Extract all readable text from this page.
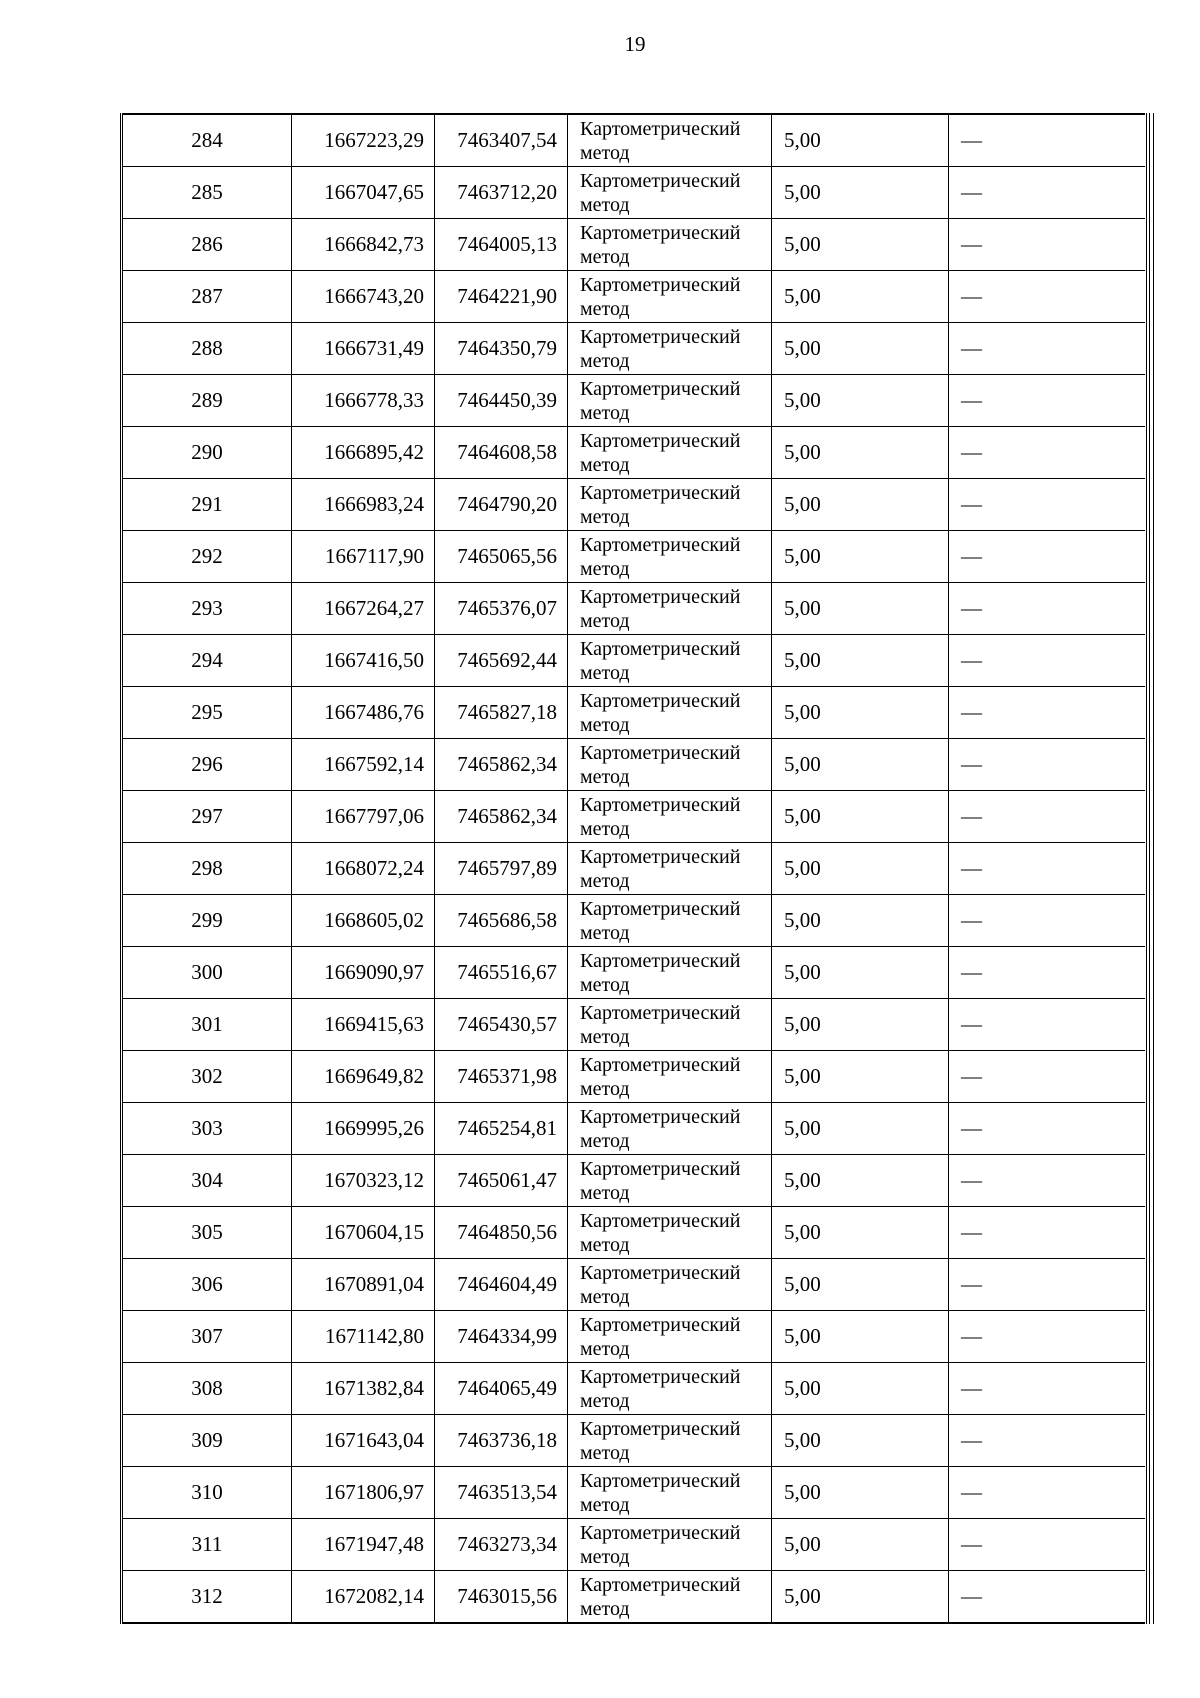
19
284	1667223,29	7463407,54	Картометрический
метод	5,00	—
285	1667047,65	7463712,20	Картометрический
метод	5,00	—
286	1666842,73	7464005,13	Картометрический
метод	5,00	—
287	1666743,20	7464221,90	Картометрический
метод	5,00	—
288	1666731,49	7464350,79	Картометрический
метод	5,00	—
289	1666778,33	7464450,39	Картометрический
метод	5,00	—
290	1666895,42	7464608,58	Картометрический
метод	5,00	—
291	1666983,24	7464790,20	Картометрический
метод	5,00	—
292	1667117,90	7465065,56	Картометрический
метод	5,00	—
293	1667264,27	7465376,07	Картометрический
метод	5,00	—
294	1667416,50	7465692,44	Картометрический
метод	5,00	—
295	1667486,76	7465827,18	Картометрический
метод	5,00	—
296	1667592,14	7465862,34	Картометрический
метод	5,00	—
297	1667797,06	7465862,34	Картометрический
метод	5,00	—
298	1668072,24	7465797,89	Картометрический
метод	5,00	—
299	1668605,02	7465686,58	Картометрический
метод	5,00	—
300	1669090,97	7465516,67	Картометрический
метод	5,00	—
301	1669415,63	7465430,57	Картометрический
метод	5,00	—
302	1669649,82	7465371,98	Картометрический
метод	5,00	—
303	1669995,26	7465254,81	Картометрический
метод	5,00	—
304	1670323,12	7465061,47	Картометрический
метод	5,00	—
305	1670604,15	7464850,56	Картометрический
метод	5,00	—
306	1670891,04	7464604,49	Картометрический
метод	5,00	—
307	1671142,80	7464334,99	Картометрический
метод	5,00	—
308	1671382,84	7464065,49	Картометрический
метод	5,00	—
309	1671643,04	7463736,18	Картометрический
метод	5,00	—
310	1671806,97	7463513,54	Картометрический
метод	5,00	—
311	1671947,48	7463273,34	Картометрический
метод	5,00	—
312	1672082,14	7463015,56	Картометрический
метод	5,00	—
